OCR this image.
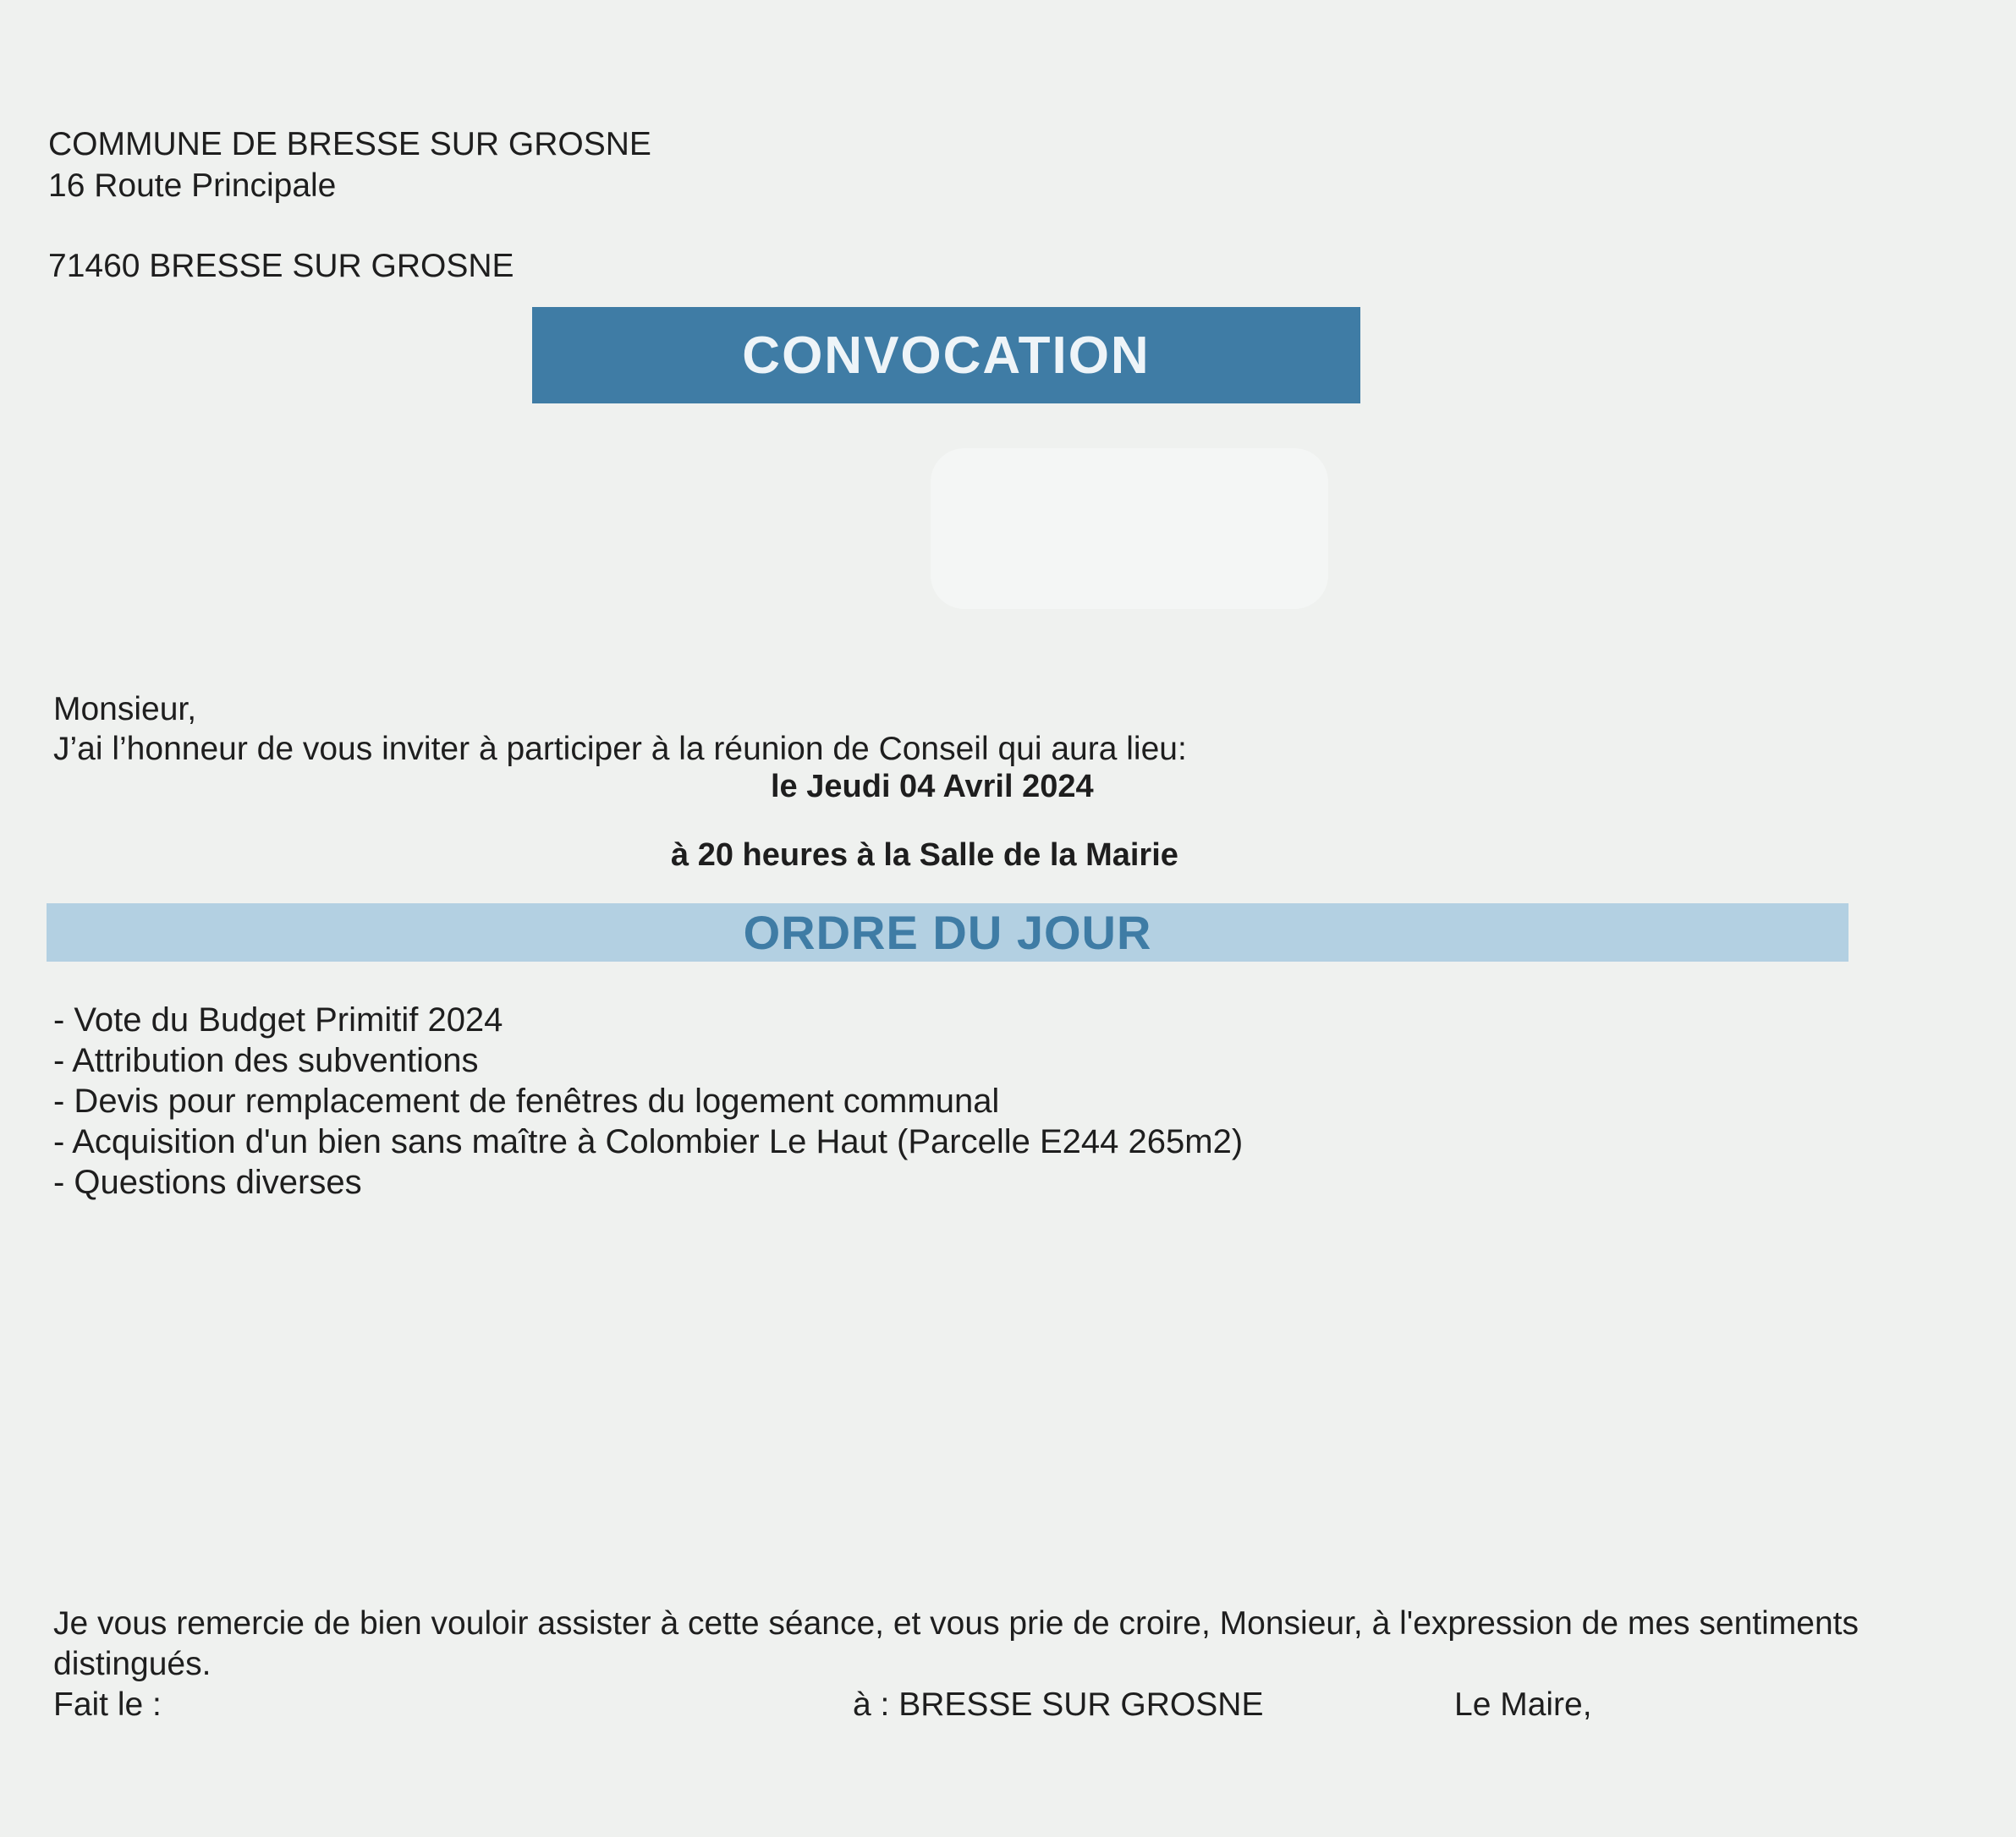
COMMUNE DE BRESSE SUR GROSNE
16 Route Principale
71460 BRESSE SUR GROSNE
CONVOCATION
Monsieur,
J’ai l’honneur de vous inviter à participer à la réunion de Conseil qui aura lieu:
le Jeudi 04 Avril 2024
à 20 heures à la Salle de la Mairie
ORDRE DU JOUR
- Vote du Budget Primitif 2024
- Attribution des subventions
- Devis pour remplacement de fenêtres du logement communal
- Acquisition d'un bien sans maître à Colombier Le Haut (Parcelle E244 265m2)
- Questions diverses
Je vous remercie de bien vouloir assister à cette séance, et vous prie de croire, Monsieur, à l'expression de mes sentiments distingués.
Fait le :	à : BRESSE SUR GROSNE	Le Maire,
